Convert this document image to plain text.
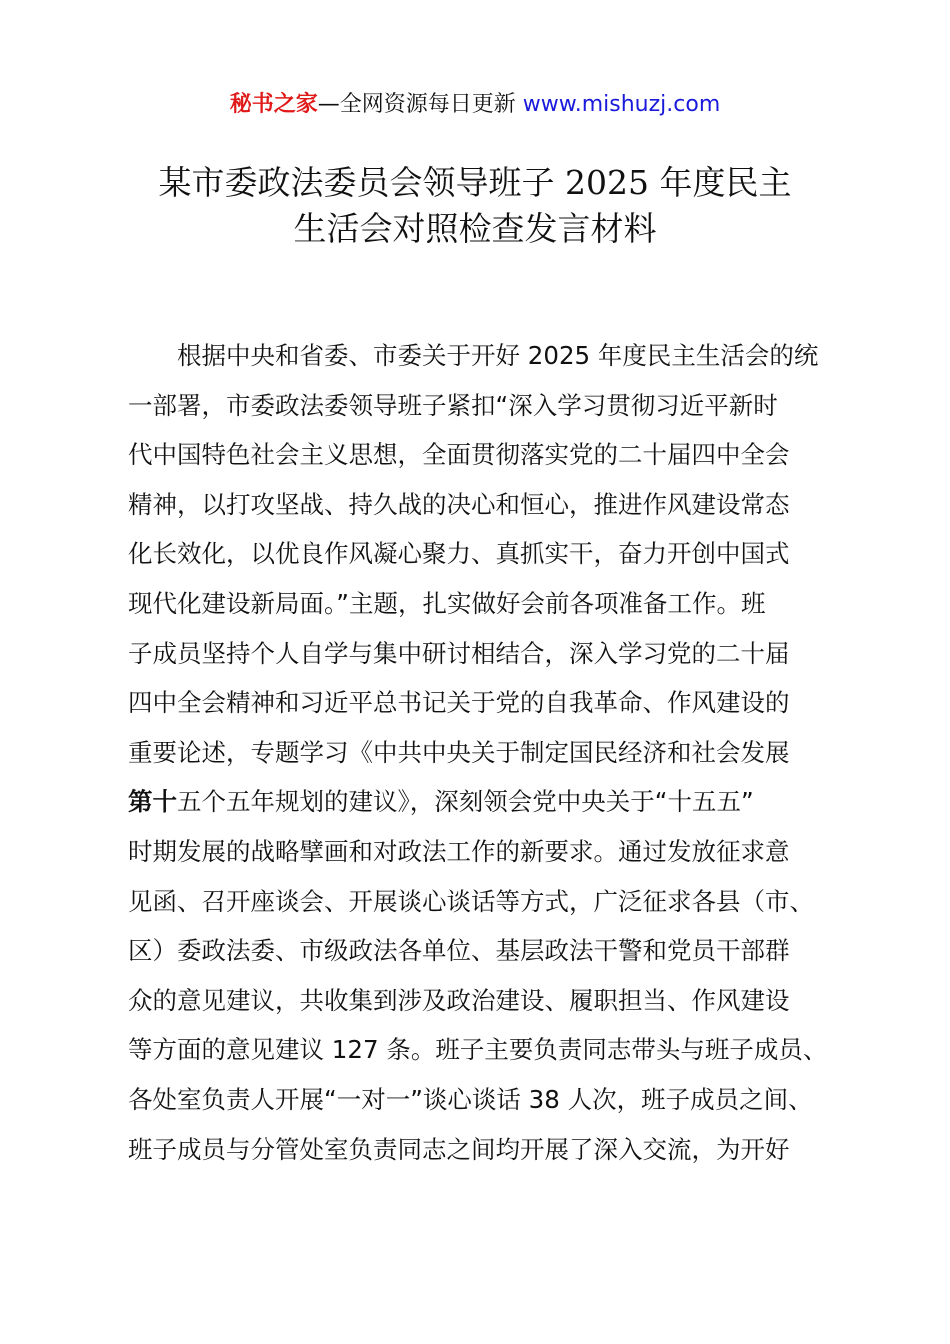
秘书之家—全网资源每日更新 www.mishuzj.com
某市委政法委员会领导班子 2025 年度民主
生活会对照检查发言材料
根据中央和省委、市委关于开好 2025 年度民主生活会的统
一部署，市委政法委领导班子紧扣“深入学习贯彻习近平新时
代中国特色社会主义思想，全面贯彻落实党的二十届四中全会
精神，以打攻坚战、持久战的决心和恒心，推进作风建设常态
化长效化，以优良作风凝心聚力、真抓实干，奋力开创中国式
现代化建设新局面。”主题，扎实做好会前各项准备工作。班
子成员坚持个人自学与集中研讨相结合，深入学习党的二十届
四中全会精神和习近平总书记关于党的自我革命、作风建设的
重要论述，专题学习《中共中央关于制定国民经济和社会发展
第十五个五年规划的建议》，深刻领会党中央关于“十五五”
时期发展的战略擘画和对政法工作的新要求。通过发放征求意
见函、召开座谈会、开展谈心谈话等方式，广泛征求各县（市、
区）委政法委、市级政法各单位、基层政法干警和党员干部群
众的意见建议，共收集到涉及政治建设、履职担当、作风建设
等方面的意见建议 127 条。班子主要负责同志带头与班子成员、
各处室负责人开展“一对一”谈心谈话 38 人次，班子成员之间、
班子成员与分管处室负责同志之间均开展了深入交流，为开好
